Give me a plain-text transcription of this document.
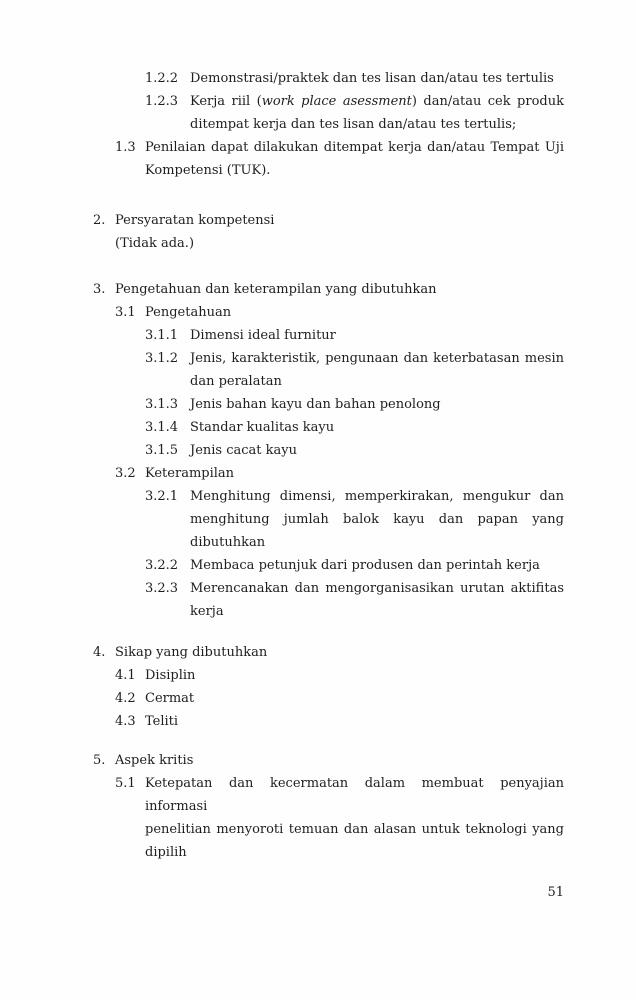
1.2.2 Demonstrasi/praktek dan tes lisan dan/atau tes tertulis
1.2.3 Kerja riil (work place asessment) dan/atau cek produk
ditempat kerja dan tes lisan dan/atau tes tertulis;
1.3 Penilaian dapat dilakukan ditempat kerja dan/atau Tempat Uji
Kompetensi (TUK).
2. Persyaratan kompetensi
(Tidak ada.)
3. Pengetahuan dan keterampilan yang dibutuhkan
3.1 Pengetahuan
3.1.1 Dimensi ideal furnitur
3.1.2 Jenis, karakteristik, pengunaan dan keterbatasan mesin
dan peralatan
3.1.3 Jenis bahan kayu dan bahan penolong
3.1.4 Standar kualitas kayu
3.1.5 Jenis cacat kayu
3.2 Keterampilan
3.2.1 Menghitung dimensi, memperkirakan, mengukur dan
menghitung jumlah balok kayu dan papan yang
dibutuhkan
3.2.2 Membaca petunjuk dari produsen dan perintah kerja
3.2.3 Merencanakan dan mengorganisasikan urutan aktifitas
kerja
4. Sikap yang dibutuhkan
4.1 Disiplin
4.2 Cermat
4.3 Teliti
5. Aspek kritis
5.1 Ketepatan dan kecermatan dalam membuat penyajian informasi
penelitian menyoroti temuan dan alasan untuk teknologi yang
dipilih
51
